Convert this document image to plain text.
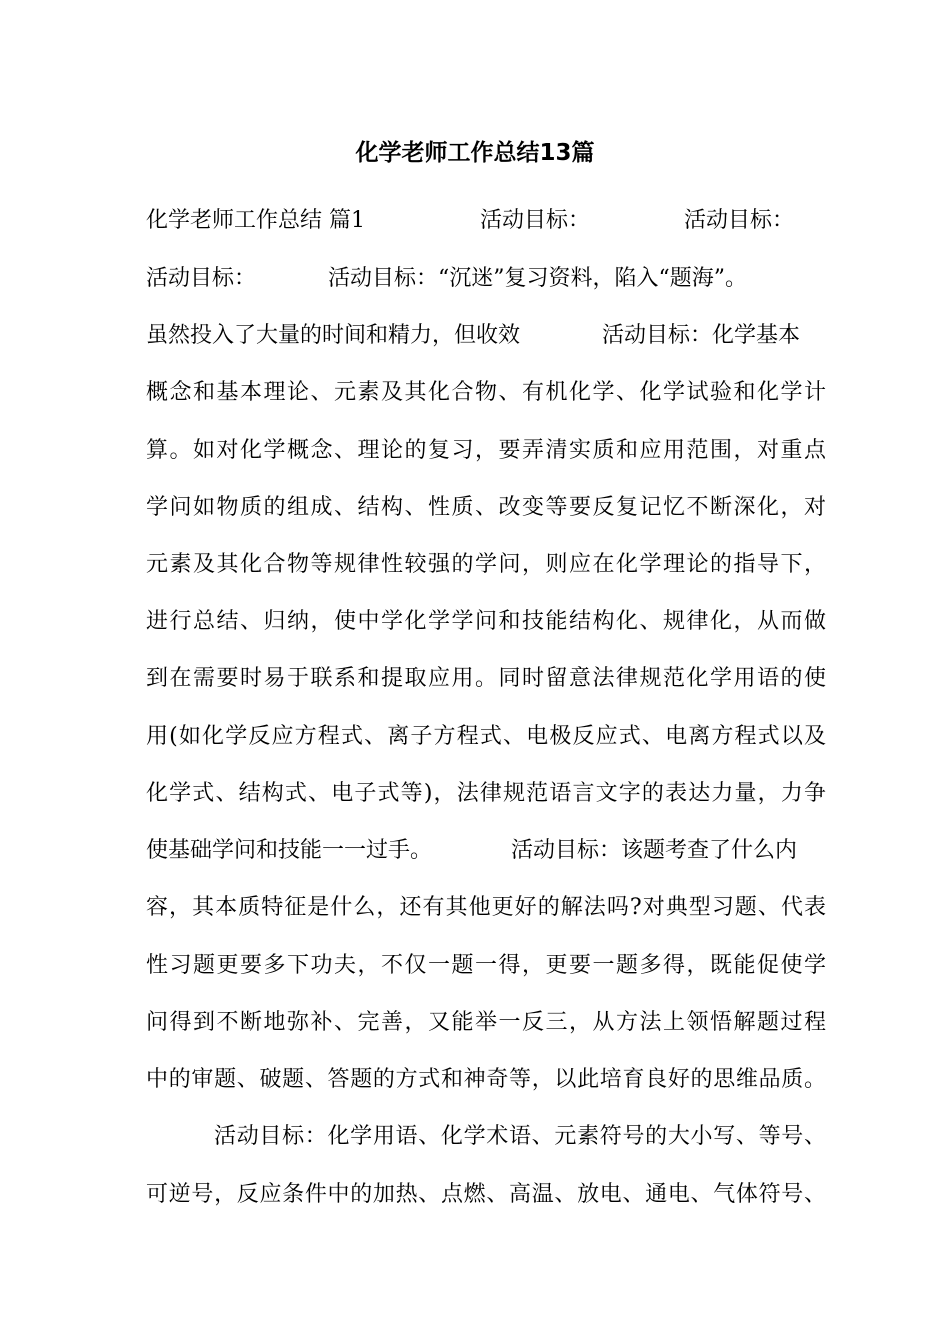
化学老师工作总结13篇
化学老师工作总结 篇1	活动目标：	活动目标：
活动目标：	活动目标：“沉迷”复习资料，陷入“题海”。
虽然投入了大量的时间和精力，但收效	活动目标：化学基本
概念和基本理论、元素及其化合物、有机化学、化学试验和化学计
算。如对化学概念、理论的复习，要弄清实质和应用范围，对重点
学问如物质的组成、结构、性质、改变等要反复记忆不断深化，对
元素及其化合物等规律性较强的学问，则应在化学理论的指导下，
进行总结、归纳，使中学化学学问和技能结构化、规律化，从而做
到在需要时易于联系和提取应用。同时留意法律规范化学用语的使
用(如化学反应方程式、离子方程式、电极反应式、电离方程式以及
化学式、结构式、电子式等)，法律规范语言文字的表达力量，力争
使基础学问和技能一一过手。	活动目标：该题考查了什么内
容，其本质特征是什么，还有其他更好的解法吗?对典型习题、代表
性习题更要多下功夫，不仅一题一得，更要一题多得，既能促使学
问得到不断地弥补、完善，又能举一反三，从方法上领悟解题过程
中的审题、破题、答题的方式和神奇等，以此培育良好的思维品质。
活动目标：化学用语、化学术语、元素符号的大小写、等号、
可逆号，反应条件中的加热、点燃、高温、放电、通电、气体符号、
